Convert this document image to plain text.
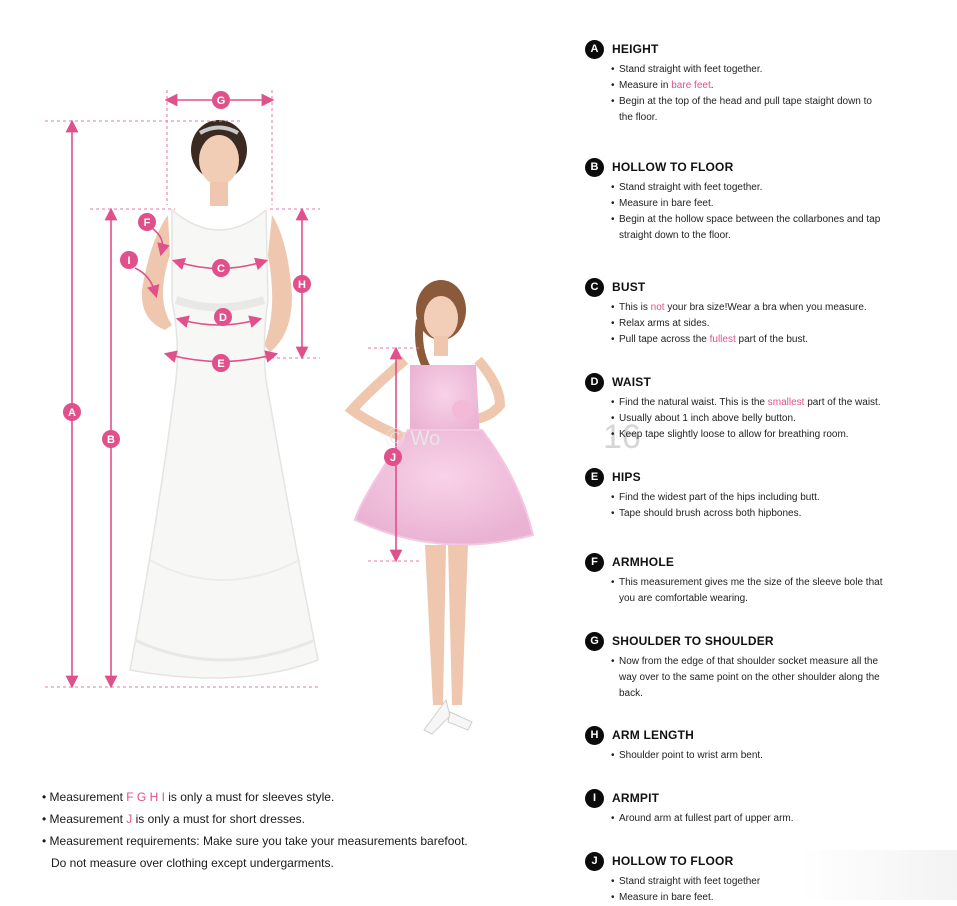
A
B
C
D
E
F
G
H
I
J
Ⓒ Wo	16
• Measurement F G H I is only a must for sleeves style.
• Measurement J is only a must for short dresses.
• Measurement requirements: Make sure you take your measurements barefoot.
Do not measure over clothing except undergarments.
A	HEIGHT
• Stand straight with feet together.
• Measure in bare feet.
• Begin at the top of the head and pull tape staight down to
the floor.
B	HOLLOW TO FLOOR
• Stand straight with feet together.
• Measure in bare feet.
• Begin at the hollow space between the collarbones and tap
straight down to the floor.
C	BUST
• This is not your bra size!Wear a bra when you measure.
• Relax arms at sides.
• Pull tape across the fullest part of the bust.
D	WAIST
• Find the natural waist. This is the smallest part of the waist.
• Usually about 1 inch above belly button.
• Keep tape slightly loose to allow for breathing room.
E	HIPS
• Find the widest part of the hips including butt.
• Tape should brush across both hipbones.
F	ARMHOLE
• This measurement gives me the size of the sleeve bole that
you are comfortable wearing.
G	SHOULDER TO SHOULDER
• Now from the edge of that shoulder socket measure all the
way over to the same point on the other shoulder along the
back.
H	ARM LENGTH
• Shoulder point to wrist arm bent.
I	ARMPIT
• Around arm at fullest part of upper arm.
J	HOLLOW TO FLOOR
• Stand straight with feet together
• Measure in bare feet.
